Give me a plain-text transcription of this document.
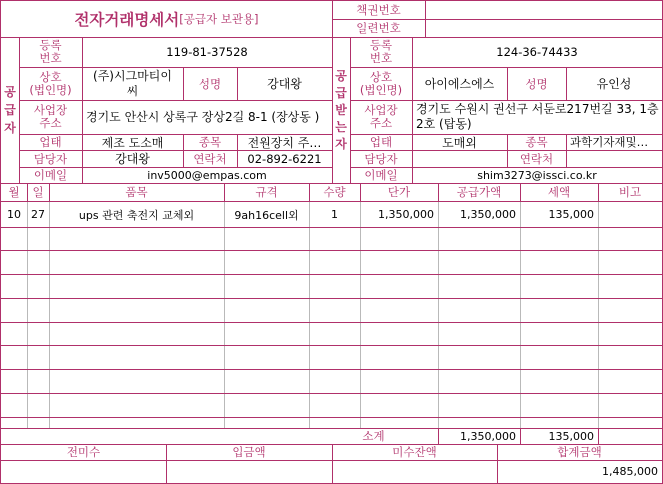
전자거래명세서 [공급자 보관용]
책권번호
일련번호
공
급
자
등록
번호	119-81-37528
상호
(법인명)
(주)시그마티이
씨	성명	강대왕
사업장
주소	경기도 안산시 상록구 장상2길 8-1 (장상동 )
업태	제조 도소매	종목	전원장치 주…
담당자	강대왕	연락처	02-892-6221
이메일	inv5000@empas.com
공
급
받
는
자
등록
번호	124-36-74433
상호
(법인명)	아이에스에스	성명	유인성
사업장
주소
경기도 수원시 권선구 서둔로217번길 33, 1층2호 (탑동)
업태	도매외	종목	과학기자재및…
담당자	연락처
이메일	shim3273@issci.co.kr
월	일	품목	규격	수량	단가	공급가액	세액	비고
10 27	ups 관련 축전지 교체외	9ah16cell외	1	1,350,000	1,350,000	135,000
소계	1,350,000	135,000
전미수	입금액	미수잔액	합계금액
1,485,000
